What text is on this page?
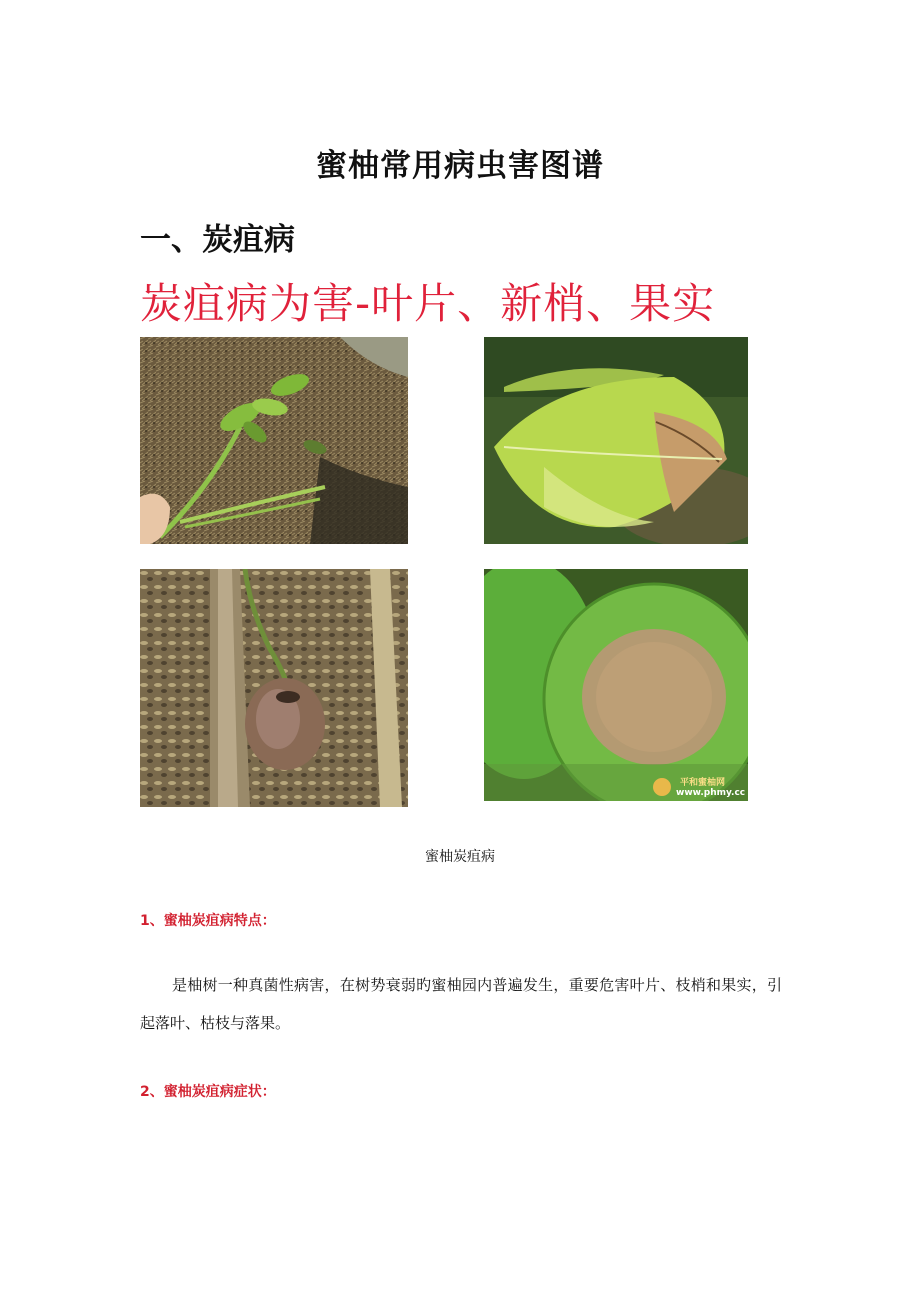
蜜柚常用病虫害图谱
一、炭疽病
炭疽病为害-叶片、新梢、果实
平和蜜柚网
www.phmy.cc
蜜柚炭疽病
1、蜜柚炭疽病特点：
是柚树一种真菌性病害，在树势衰弱旳蜜柚园内普遍发生，重要危害叶片、枝梢和果实，引起落叶、枯枝与落果。
2、蜜柚炭疽病症状：
